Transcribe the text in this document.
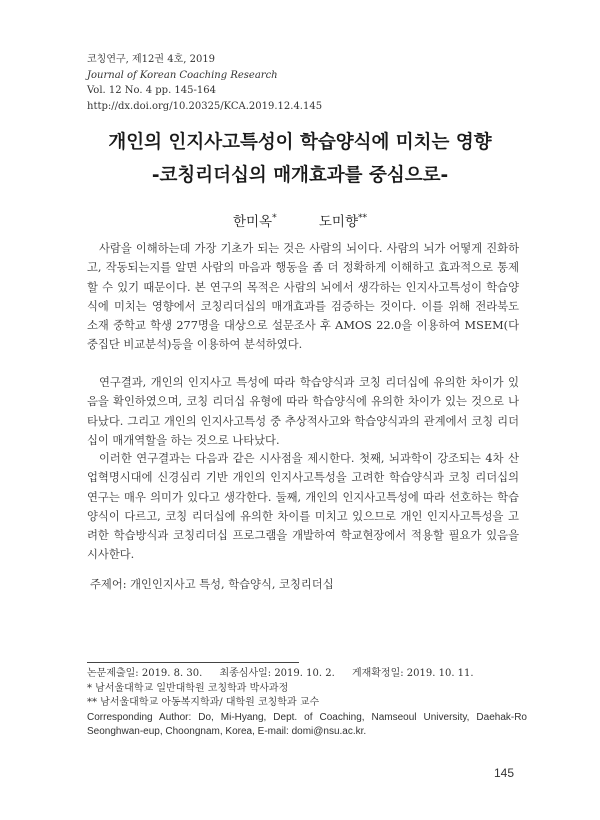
코칭연구, 제12권 4호, 2019
Journal of Korean Coaching Research
Vol. 12 No. 4 pp. 145-164
http://dx.doi.org/10.20325/KCA.2019.12.4.145
개인의 인지사고특성이 학습양식에 미치는 영향
-코칭리더십의 매개효과를 중심으로-
한미옥*	도미향**

사람을 이해하는데 가장 기초가 되는 것은 사람의 뇌이다. 사람의 뇌가 어떻게 진화하고, 작동되는지를 알면 사람의 마음과 행동을 좀 더 정확하게 이해하고 효과적으로 통제할 수 있기 때문이다. 본 연구의 목적은 사람의 뇌에서 생각하는 인지사고특성이 학습양식에 미치는 영향에서 코칭리더십의 매개효과를 검증하는 것이다. 이를 위해 전라북도 소재 중학교 학생 277명을 대상으로 설문조사 후 AMOS 22.0을 이용하여 MSEM(다중집단 비교분석)등을 이용하여 분석하였다.

연구결과, 개인의 인지사고 특성에 따라 학습양식과 코칭 리더십에 유의한 차이가 있음을 확인하였으며, 코칭 리더십 유형에 따라 학습양식에 유의한 차이가 있는 것으로 나타났다. 그리고 개인의 인지사고특성 중 추상적사고와 학습양식과의 관계에서 코칭 리더십이 매개역할을 하는 것으로 나타났다.

이러한 연구결과는 다음과 같은 시사점을 제시한다. 첫째, 뇌과학이 강조되는 4차 산업혁명시대에 신경심리 기반 개인의 인지사고특성을 고려한 학습양식과 코칭 리더십의 연구는 매우 의미가 있다고 생각한다. 둘째, 개인의 인지사고특성에 따라 선호하는 학습양식이 다르고, 코칭 리더십에 유의한 차이를 미치고 있으므로 개인 인지사고특성을 고려한 학습방식과 코칭리더십 프로그램을 개발하여 학교현장에서 적용할 필요가 있음을 시사한다.

주제어: 개인인지사고 특성, 학습양식, 코칭리더십
논문제출일: 2019. 8. 30. 최종심사일: 2019. 10. 2. 게재확정일: 2019. 10. 11.
* 남서울대학교 일반대학원 코칭학과 박사과정
** 남서울대학교 아동복지학과/ 대학원 코칭학과 교수
Corresponding Author: Do, Mi-Hyang, Dept. of Coaching, Namseoul University, Daehak-Ro Seonghwan-eup, Choongnam, Korea, E-mail: domi@nsu.ac.kr.
145
